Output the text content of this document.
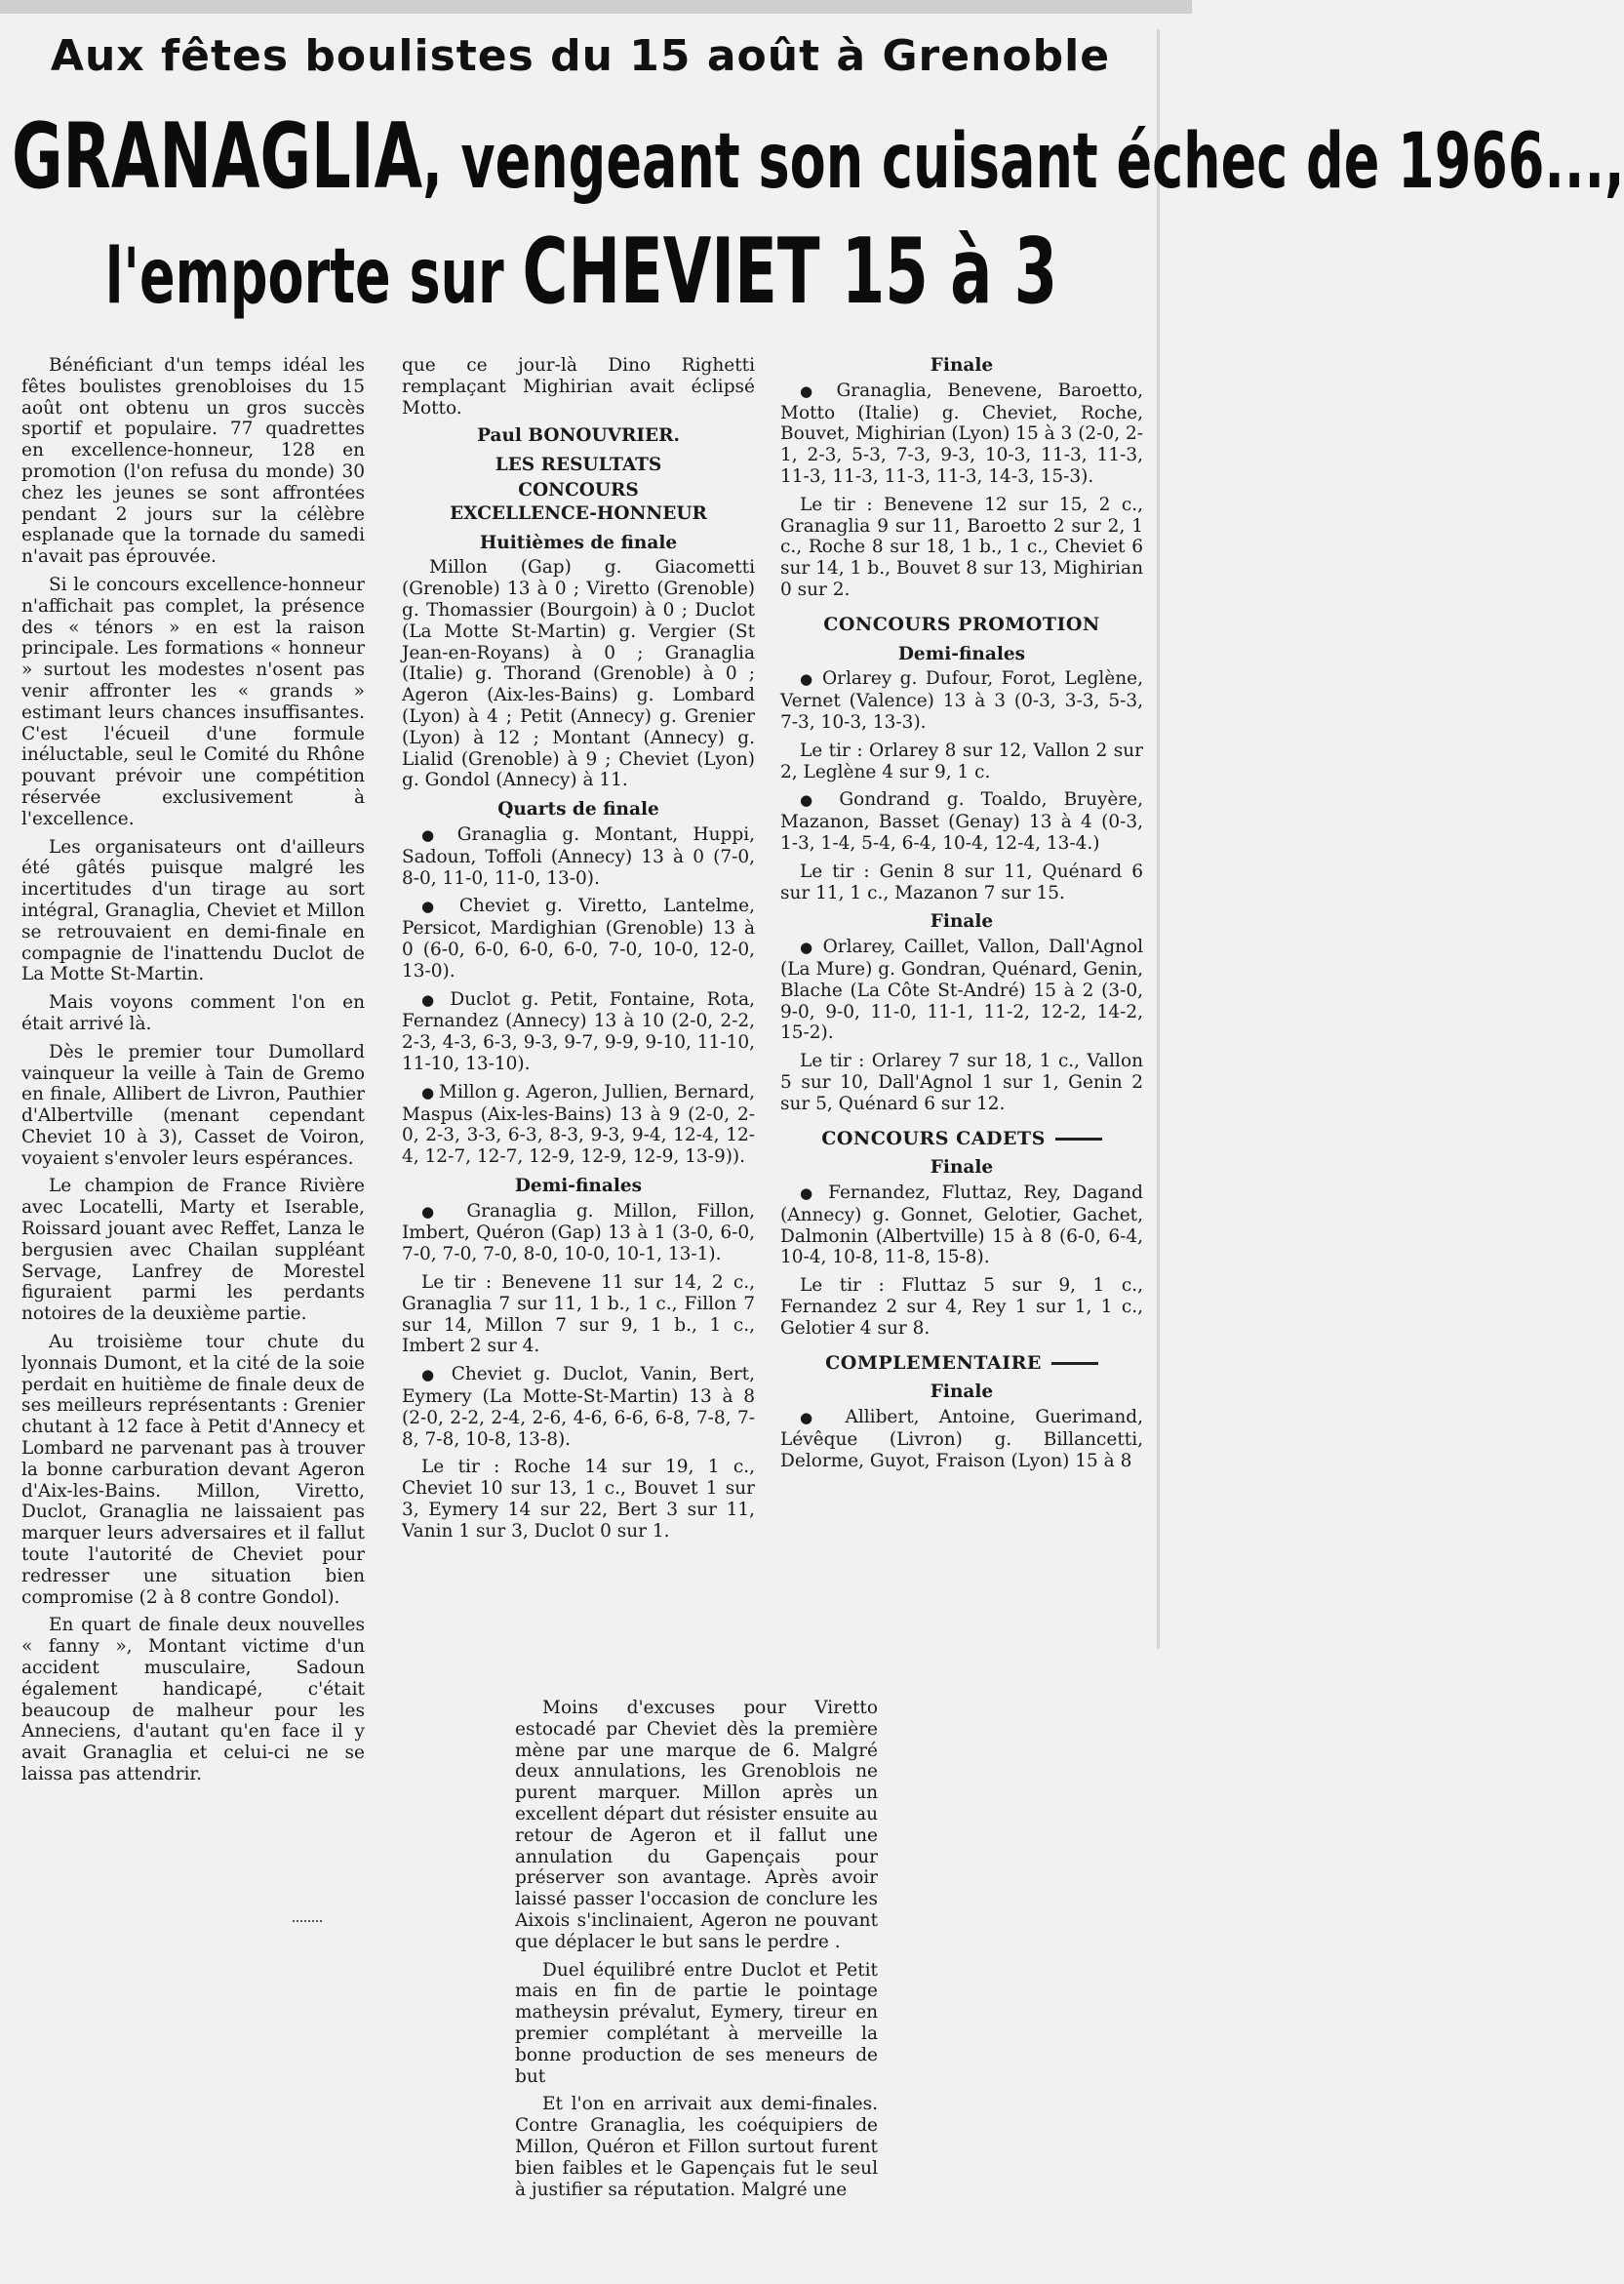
Aux fêtes boulistes du 15 août à Grenoble
GRANAGLIA, vengeant son cuisant échec de 1966...,
l'emporte sur CHEVIET 15 à 3

Bénéficiant d'un temps idéal les fêtes boulistes grenobloises du 15 août ont obtenu un gros succès sportif et populaire. 77 quadrettes en excellence-honneur, 128 en promotion (l'on refusa du monde) 30 chez les jeunes se sont affrontées pendant 2 jours sur la célèbre esplanade que la tornade du samedi n'avait pas éprouvée.

Si le concours excellence-honneur n'affichait pas complet, la présence des « ténors » en est la raison principale. Les formations « honneur » surtout les modestes n'osent pas venir affronter les « grands » estimant leurs chances insuffisantes. C'est l'écueil d'une formule inéluctable, seul le Comité du Rhône pouvant prévoir une compétition réservée exclusivement à l'excellence.

Les organisateurs ont d'ailleurs été gâtés puisque malgré les incertitudes d'un tirage au sort intégral, Granaglia, Cheviet et Millon se retrouvaient en demi-finale en compagnie de l'inattendu Duclot de La Motte St-Martin.

Mais voyons comment l'on en était arrivé là.

Dès le premier tour Dumollard vainqueur la veille à Tain de Gremo en finale, Allibert de Livron, Pauthier d'Albertville (menant cependant Cheviet 10 à 3), Casset de Voiron, voyaient s'envoler leurs espérances.

Le champion de France Rivière avec Locatelli, Marty et Iserable, Roissard jouant avec Reffet, Lanza le bergusien avec Chailan suppléant Servage, Lanfrey de Morestel figuraient parmi les perdants notoires de la deuxième partie.

Au troisième tour chute du lyonnais Dumont, et la cité de la soie perdait en huitième de finale deux de ses meilleurs représentants : Grenier chutant à 12 face à Petit d'Annecy et Lombard ne parvenant pas à trouver la bonne carburation devant Ageron d'Aix-les-Bains. Millon, Viretto, Duclot, Granaglia ne laissaient pas marquer leurs adversaires et il fallut toute l'autorité de Cheviet pour redresser une situation bien compromise (2 à 8 contre Gondol).

En quart de finale deux nouvelles « fanny », Montant victime d'un accident musculaire, Sadoun également handicapé, c'était beaucoup de malheur pour les Anneciens, d'autant qu'en face il y avait Granaglia et celui-ci ne se laissa pas attendrir.

que ce jour-là Dino Righetti remplaçant Mighirian avait éclipsé Motto.

Paul BONOUVRIER.
LES RESULTATS
CONCOURS
EXCELLENCE-HONNEUR
Huitièmes de finale

Millon (Gap) g. Giacometti (Grenoble) 13 à 0 ; Viretto (Grenoble) g. Thomassier (Bourgoin) à 0 ; Duclot (La Motte St-Martin) g. Vergier (St Jean-en-Royans) à 0 ; Granaglia (Italie) g. Thorand (Grenoble) à 0 ; Ageron (Aix-les-Bains) g. Lombard (Lyon) à 4 ; Petit (Annecy) g. Grenier (Lyon) à 12 ; Montant (Annecy) g. Lialid (Grenoble) à 9 ; Cheviet (Lyon) g. Gondol (Annecy) à 11.

Quarts de finale

● Granaglia g. Montant, Huppi, Sadoun, Toffoli (Annecy) 13 à 0 (7-0, 8-0, 11-0, 11-0, 13-0).

● Cheviet g. Viretto, Lantelme, Persicot, Mardighian (Grenoble) 13 à 0 (6-0, 6-0, 6-0, 6-0, 7-0, 10-0, 12-0, 13-0).

● Duclot g. Petit, Fontaine, Rota, Fernandez (Annecy) 13 à 10 (2-0, 2-2, 2-3, 4-3, 6-3, 9-3, 9-7, 9-9, 9-10, 11-10, 11-10, 13-10).

● Millon g. Ageron, Jullien, Bernard, Maspus (Aix-les-Bains) 13 à 9 (2-0, 2-0, 2-3, 3-3, 6-3, 8-3, 9-3, 9-4, 12-4, 12-4, 12-7, 12-7, 12-9, 12-9, 12-9, 13-9)).

Demi-finales

● Granaglia g. Millon, Fillon, Imbert, Quéron (Gap) 13 à 1 (3-0, 6-0, 7-0, 7-0, 7-0, 8-0, 10-0, 10-1, 13-1).

Le tir : Benevene 11 sur 14, 2 c., Granaglia 7 sur 11, 1 b., 1 c., Fillon 7 sur 14, Millon 7 sur 9, 1 b., 1 c., Imbert 2 sur 4.

● Cheviet g. Duclot, Vanin, Bert, Eymery (La Motte-St-Martin) 13 à 8 (2-0, 2-2, 2-4, 2-6, 4-6, 6-6, 6-8, 7-8, 7-8, 7-8, 10-8, 13-8).

Le tir : Roche 14 sur 19, 1 c., Cheviet 10 sur 13, 1 c., Bouvet 1 sur 3, Eymery 14 sur 22, Bert 3 sur 11, Vanin 1 sur 3, Duclot 0 sur 1.

Finale

● Granaglia, Benevene, Baroetto, Motto (Italie) g. Cheviet, Roche, Bouvet, Mighirian (Lyon) 15 à 3 (2-0, 2-1, 2-3, 5-3, 7-3, 9-3, 10-3, 11-3, 11-3, 11-3, 11-3, 11-3, 11-3, 14-3, 15-3).

Le tir : Benevene 12 sur 15, 2 c., Granaglia 9 sur 11, Baroetto 2 sur 2, 1 c., Roche 8 sur 18, 1 b., 1 c., Cheviet 6 sur 14, 1 b., Bouvet 8 sur 13, Mighirian 0 sur 2.

CONCOURS PROMOTION
Demi-finales

● Orlarey g. Dufour, Forot, Leglène, Vernet (Valence) 13 à 3 (0-3, 3-3, 5-3, 7-3, 10-3, 13-3).

Le tir : Orlarey 8 sur 12, Vallon 2 sur 2, Leglène 4 sur 9, 1 c.

● Gondrand g. Toaldo, Bruyère, Mazanon, Basset (Genay) 13 à 4 (0-3, 1-3, 1-4, 5-4, 6-4, 10-4, 12-4, 13-4.)

Le tir : Genin 8 sur 11, Quénard 6 sur 11, 1 c., Mazanon 7 sur 15.

Finale

● Orlarey, Caillet, Vallon, Dall'Agnol (La Mure) g. Gondran, Quénard, Genin, Blache (La Côte St-André) 15 à 2 (3-0, 9-0, 9-0, 11-0, 11-1, 11-2, 12-2, 14-2, 15-2).

Le tir : Orlarey 7 sur 18, 1 c., Vallon 5 sur 10, Dall'Agnol 1 sur 1, Genin 2 sur 5, Quénard 6 sur 12.

CONCOURS CADETS
Finale

● Fernandez, Fluttaz, Rey, Dagand (Annecy) g. Gonnet, Gelotier, Gachet, Dalmonin (Albertville) 15 à 8 (6-0, 6-4, 10-4, 10-8, 11-8, 15-8).

Le tir : Fluttaz 5 sur 9, 1 c., Fernandez 2 sur 4, Rey 1 sur 1, 1 c., Gelotier 4 sur 8.

COMPLEMENTAIRE
Finale

● Allibert, Antoine, Guerimand, Lévêque (Livron) g. Billancetti, Delorme, Guyot, Fraison (Lyon) 15 à 8

Moins d'excuses pour Viretto estocadé par Cheviet dès la première mène par une marque de 6. Malgré deux annulations, les Grenoblois ne purent marquer. Millon après un excellent départ dut résister ensuite au retour de Ageron et il fallut une annulation du Gapençais pour préserver son avantage. Après avoir laissé passer l'occasion de conclure les Aixois s'inclinaient, Ageron ne pouvant que déplacer le but sans le perdre .

Duel équilibré entre Duclot et Petit mais en fin de partie le pointage matheysin prévalut, Eymery, tireur en premier complétant à merveille la bonne production de ses meneurs de but

Et l'on en arrivait aux demi-finales. Contre Granaglia, les coéquipiers de Millon, Quéron et Fillon surtout furent bien faibles et le Gapençais fut le seul à justifier sa réputation. Malgré une
